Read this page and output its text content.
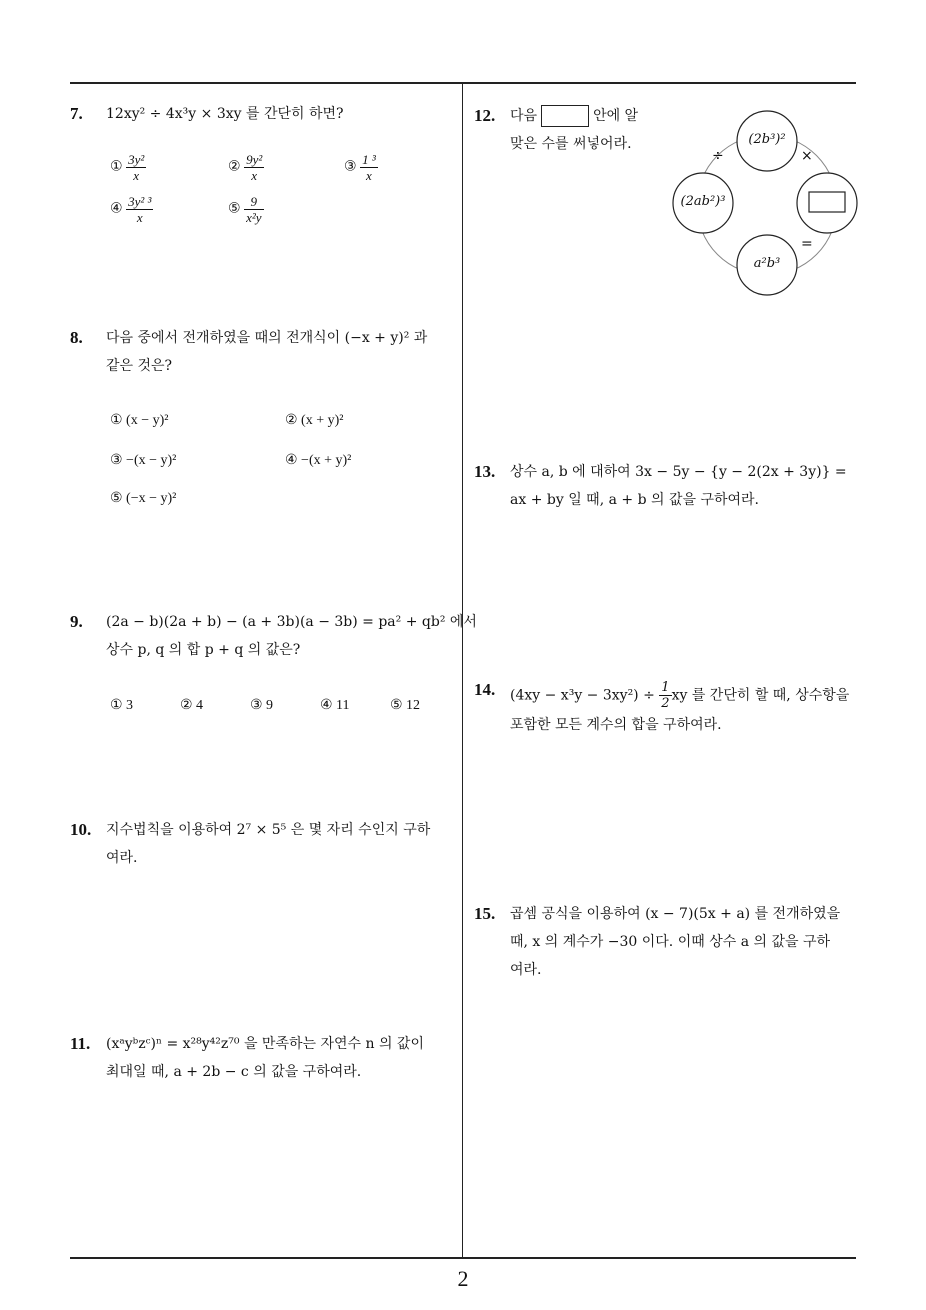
7. 12xy² ÷ 4x³y × 3xy 를 간단히 하면?
① $\frac{\text{3y²}}{x}$	② $\frac{\text{9y²}}{x}$	③ $\frac{\text{1 ³}}{x}$
④ $\frac{\text{3y² ³}}{x}$	⑤ $\frac{9}{\text{x²y}}$
8. 다음 중에서 전개하였을 때의 전개식이 (−x + y)² 과
같은 것은?
① (x − y)²	② (x + y)²
③ −(x − y)²	④ −(x + y)²
⑤ (−x − y)²
9. (2a − b)(2a + b) − (a + 3b)(a − 3b) = pa² + qb² 에서
상수 p, q 의 합 p + q 의 값은?
① 3	② 4	③ 9	④ 11	⑤ 12
10. 지수법칙을 이용하여 2⁷ × 5⁵ 은 몇 자리 수인지 구하
여라.
11. (xᵃyᵇzᶜ)ⁿ = x²⁸y⁴²z⁷⁰ 을 만족하는 자연수 n 의 값이
최대일 때, a + 2b − c 의 값을 구하여라.
12. 다음	안에 알
맞은 수를 써넣어라.	(2b³)²
(2ab²)³
a²b³
÷	×
=
13. 상수 a, b 에 대하여 3x − 5y − {y − 2(2x + 3y)} =
ax + by 일 때, a + b 의 값을 구하여라.
14. $(4xy - x^3y - 3xy^2) \div \frac{1}{2}$ xy 를 간단히 할 때, 상수항을
포함한 모든 계수의 합을 구하여라.
15. 곱셈 공식을 이용하여 (x − 7)(5x + a) 를 전개하였을
때, x 의 계수가 −30 이다. 이때 상수 a 의 값을 구하
여라.
2
